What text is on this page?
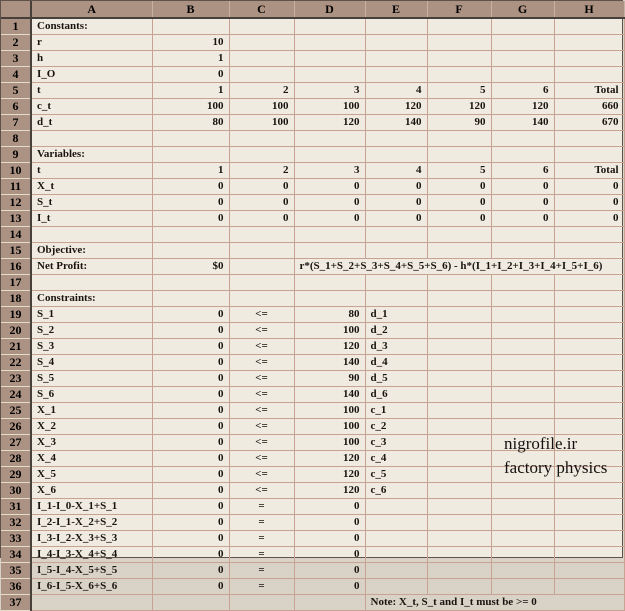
	A	B	C	D	E	F	G	H
1	Constants:							
2	r	10						
3	h	1						
4	I_O	0						
5	t	1	2	3	4	5	6	Total
6	c_t	100	100	100	120	120	120	660
7	d_t	80	100	120	140	90	140	670
8								
9	Variables:							
10	t	1	2	3	4	5	6	Total
11	X_t	0	0	0	0	0	0	0
12	S_t	0	0	0	0	0	0	0
13	I_t	0	0	0	0	0	0	0
14								
15	Objective:							
16	Net Profit:	$0		r*(S_1+S_2+S_3+S_4+S_5+S_6) - h*(I_1+I_2+I_3+I_4+I_5+I_6)				
17								
18	Constraints:							
19	S_1	0	<=	80	d_1			
20	S_2	0	<=	100	d_2			
21	S_3	0	<=	120	d_3			
22	S_4	0	<=	140	d_4			
23	S_5	0	<=	90	d_5			
24	S_6	0	<=	140	d_6			
25	X_1	0	<=	100	c_1			
26	X_2	0	<=	100	c_2			
27	X_3	0	<=	100	c_3			
28	X_4	0	<=	120	c_4			
29	X_5	0	<=	120	c_5			
30	X_6	0	<=	120	c_6			
31	I_1-I_0-X_1+S_1	0	=	0				
32	I_2-I_1-X_2+S_2	0	=	0				
33	I_3-I_2-X_3+S_3	0	=	0				
34	I_4-I_3-X_4+S_4	0	=	0				
35	I_5-I_4-X_5+S_5	0	=	0				
36	I_6-I_5-X_6+S_6	0	=	0				
37					Note: X_t, S_t and I_t must be >= 0			
nigrofile.ir
factory physics
